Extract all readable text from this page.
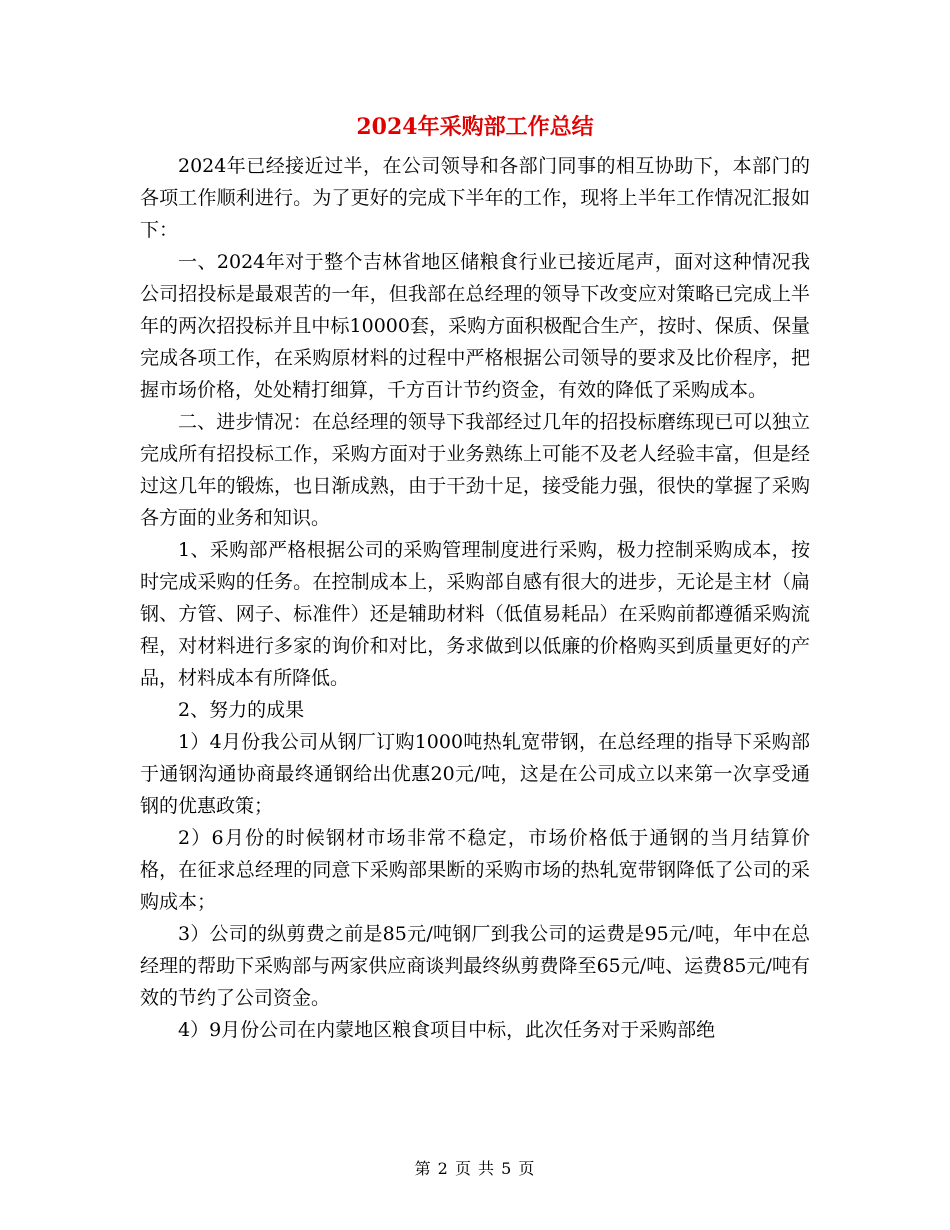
2024年采购部工作总结

2024年已经接近过半，在公司领导和各部门同事的相互协助下，本部门的各项工作顺利进行。为了更好的完成下半年的工作，现将上半年工作情况汇报如下：

一、2024年对于整个吉林省地区储粮食行业已接近尾声，面对这种情况我公司招投标是最艰苦的一年，但我部在总经理的领导下改变应对策略已完成上半年的两次招投标并且中标10000套，采购方面积极配合生产，按时、保质、保量完成各项工作，在采购原材料的过程中严格根据公司领导的要求及比价程序，把握市场价格，处处精打细算，千方百计节约资金，有效的降低了采购成本。

二、进步情况：在总经理的领导下我部经过几年的招投标磨练现已可以独立完成所有招投标工作，采购方面对于业务熟练上可能不及老人经验丰富，但是经过这几年的锻炼，也日渐成熟，由于干劲十足，接受能力强，很快的掌握了采购各方面的业务和知识。

1、采购部严格根据公司的采购管理制度进行采购，极力控制采购成本，按时完成采购的任务。在控制成本上，采购部自感有很大的进步，无论是主材（扁钢、方管、网子、标准件）还是辅助材料（低值易耗品）在采购前都遵循采购流程，对材料进行多家的询价和对比，务求做到以低廉的价格购买到质量更好的产品，材料成本有所降低。

2、努力的成果

1）4月份我公司从钢厂订购1000吨热轧宽带钢，在总经理的指导下采购部于通钢沟通协商最终通钢给出优惠20元/吨，这是在公司成立以来第一次享受通钢的优惠政策；

2）6月份的时候钢材市场非常不稳定，市场价格低于通钢的当月结算价格，在征求总经理的同意下采购部果断的采购市场的热轧宽带钢降低了公司的采购成本；

3）公司的纵剪费之前是85元/吨钢厂到我公司的运费是95元/吨，年中在总经理的帮助下采购部与两家供应商谈判最终纵剪费降至65元/吨、运费85元/吨有效的节约了公司资金。

4）9月份公司在内蒙地区粮食项目中标，此次任务对于采购部绝

第 2 页 共 5 页
